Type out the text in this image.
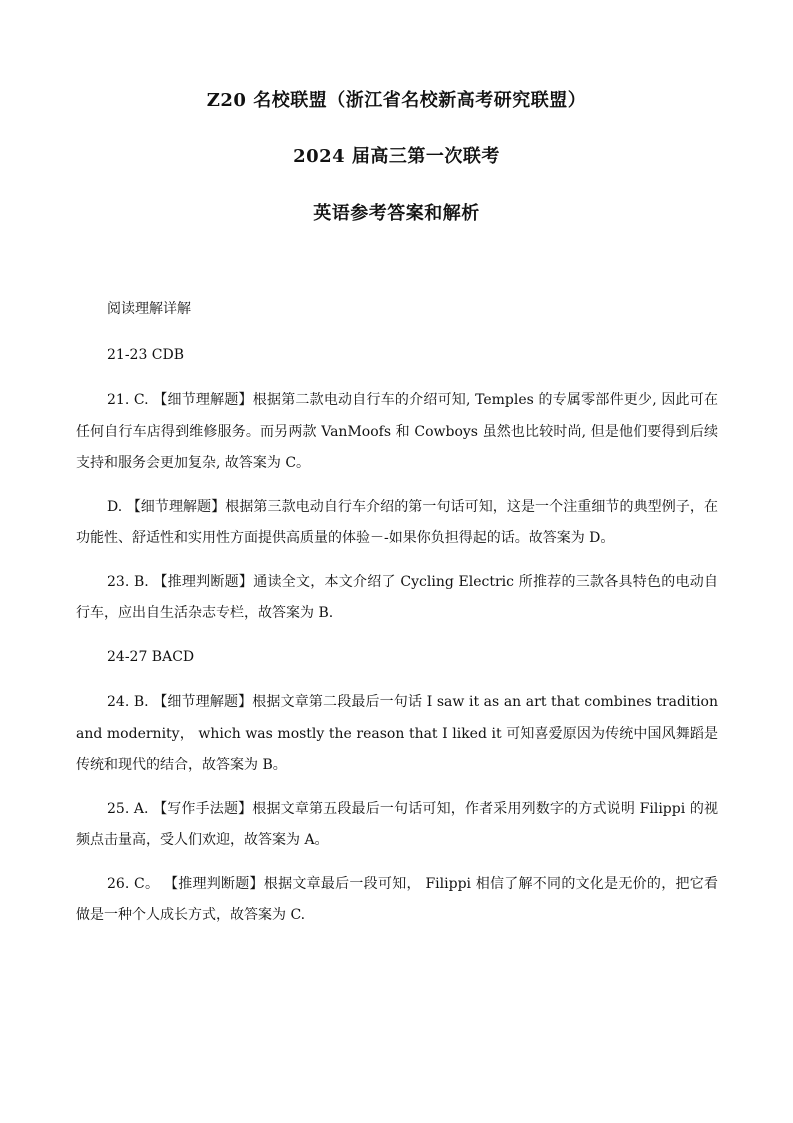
Z20 名校联盟（浙江省名校新高考研究联盟）
2024 届高三第一次联考
英语参考答案和解析

阅读理解详解

21-23 CDB

21. C. 【细节理解题】根据第二款电动自行车的介绍可知, Temples 的专属零部件更少, 因此可在任何自行车店得到维修服务。而另两款 VanMoofs 和 Cowboys 虽然也比较时尚, 但是他们要得到后续支持和服务会更加复杂, 故答案为 C。

D. 【细节理解题】根据第三款电动自行车介绍的第一句话可知，这是一个注重细节的典型例子，在功能性、舒适性和实用性方面提供高质量的体验－-如果你负担得起的话。故答案为 D。

23. B. 【推理判断题】通读全文，本文介绍了 Cycling Electric 所推荐的三款各具特色的电动自行车，应出自生活杂志专栏，故答案为 B.

24-27 BACD

24. B. 【细节理解题】根据文章第二段最后一句话 I saw it as an art that combines tradition and modernity， which was mostly the reason that I liked it 可知喜爱原因为传统中国风舞蹈是传统和现代的结合，故答案为 B。

25. A. 【写作手法题】根据文章第五段最后一句话可知，作者采用列数字的方式说明 Filippi 的视频点击量高，受人们欢迎，故答案为 A。

26. C。 【推理判断题】根据文章最后一段可知， Filippi 相信了解不同的文化是无价的，把它看做是一种个人成长方式，故答案为 C.
